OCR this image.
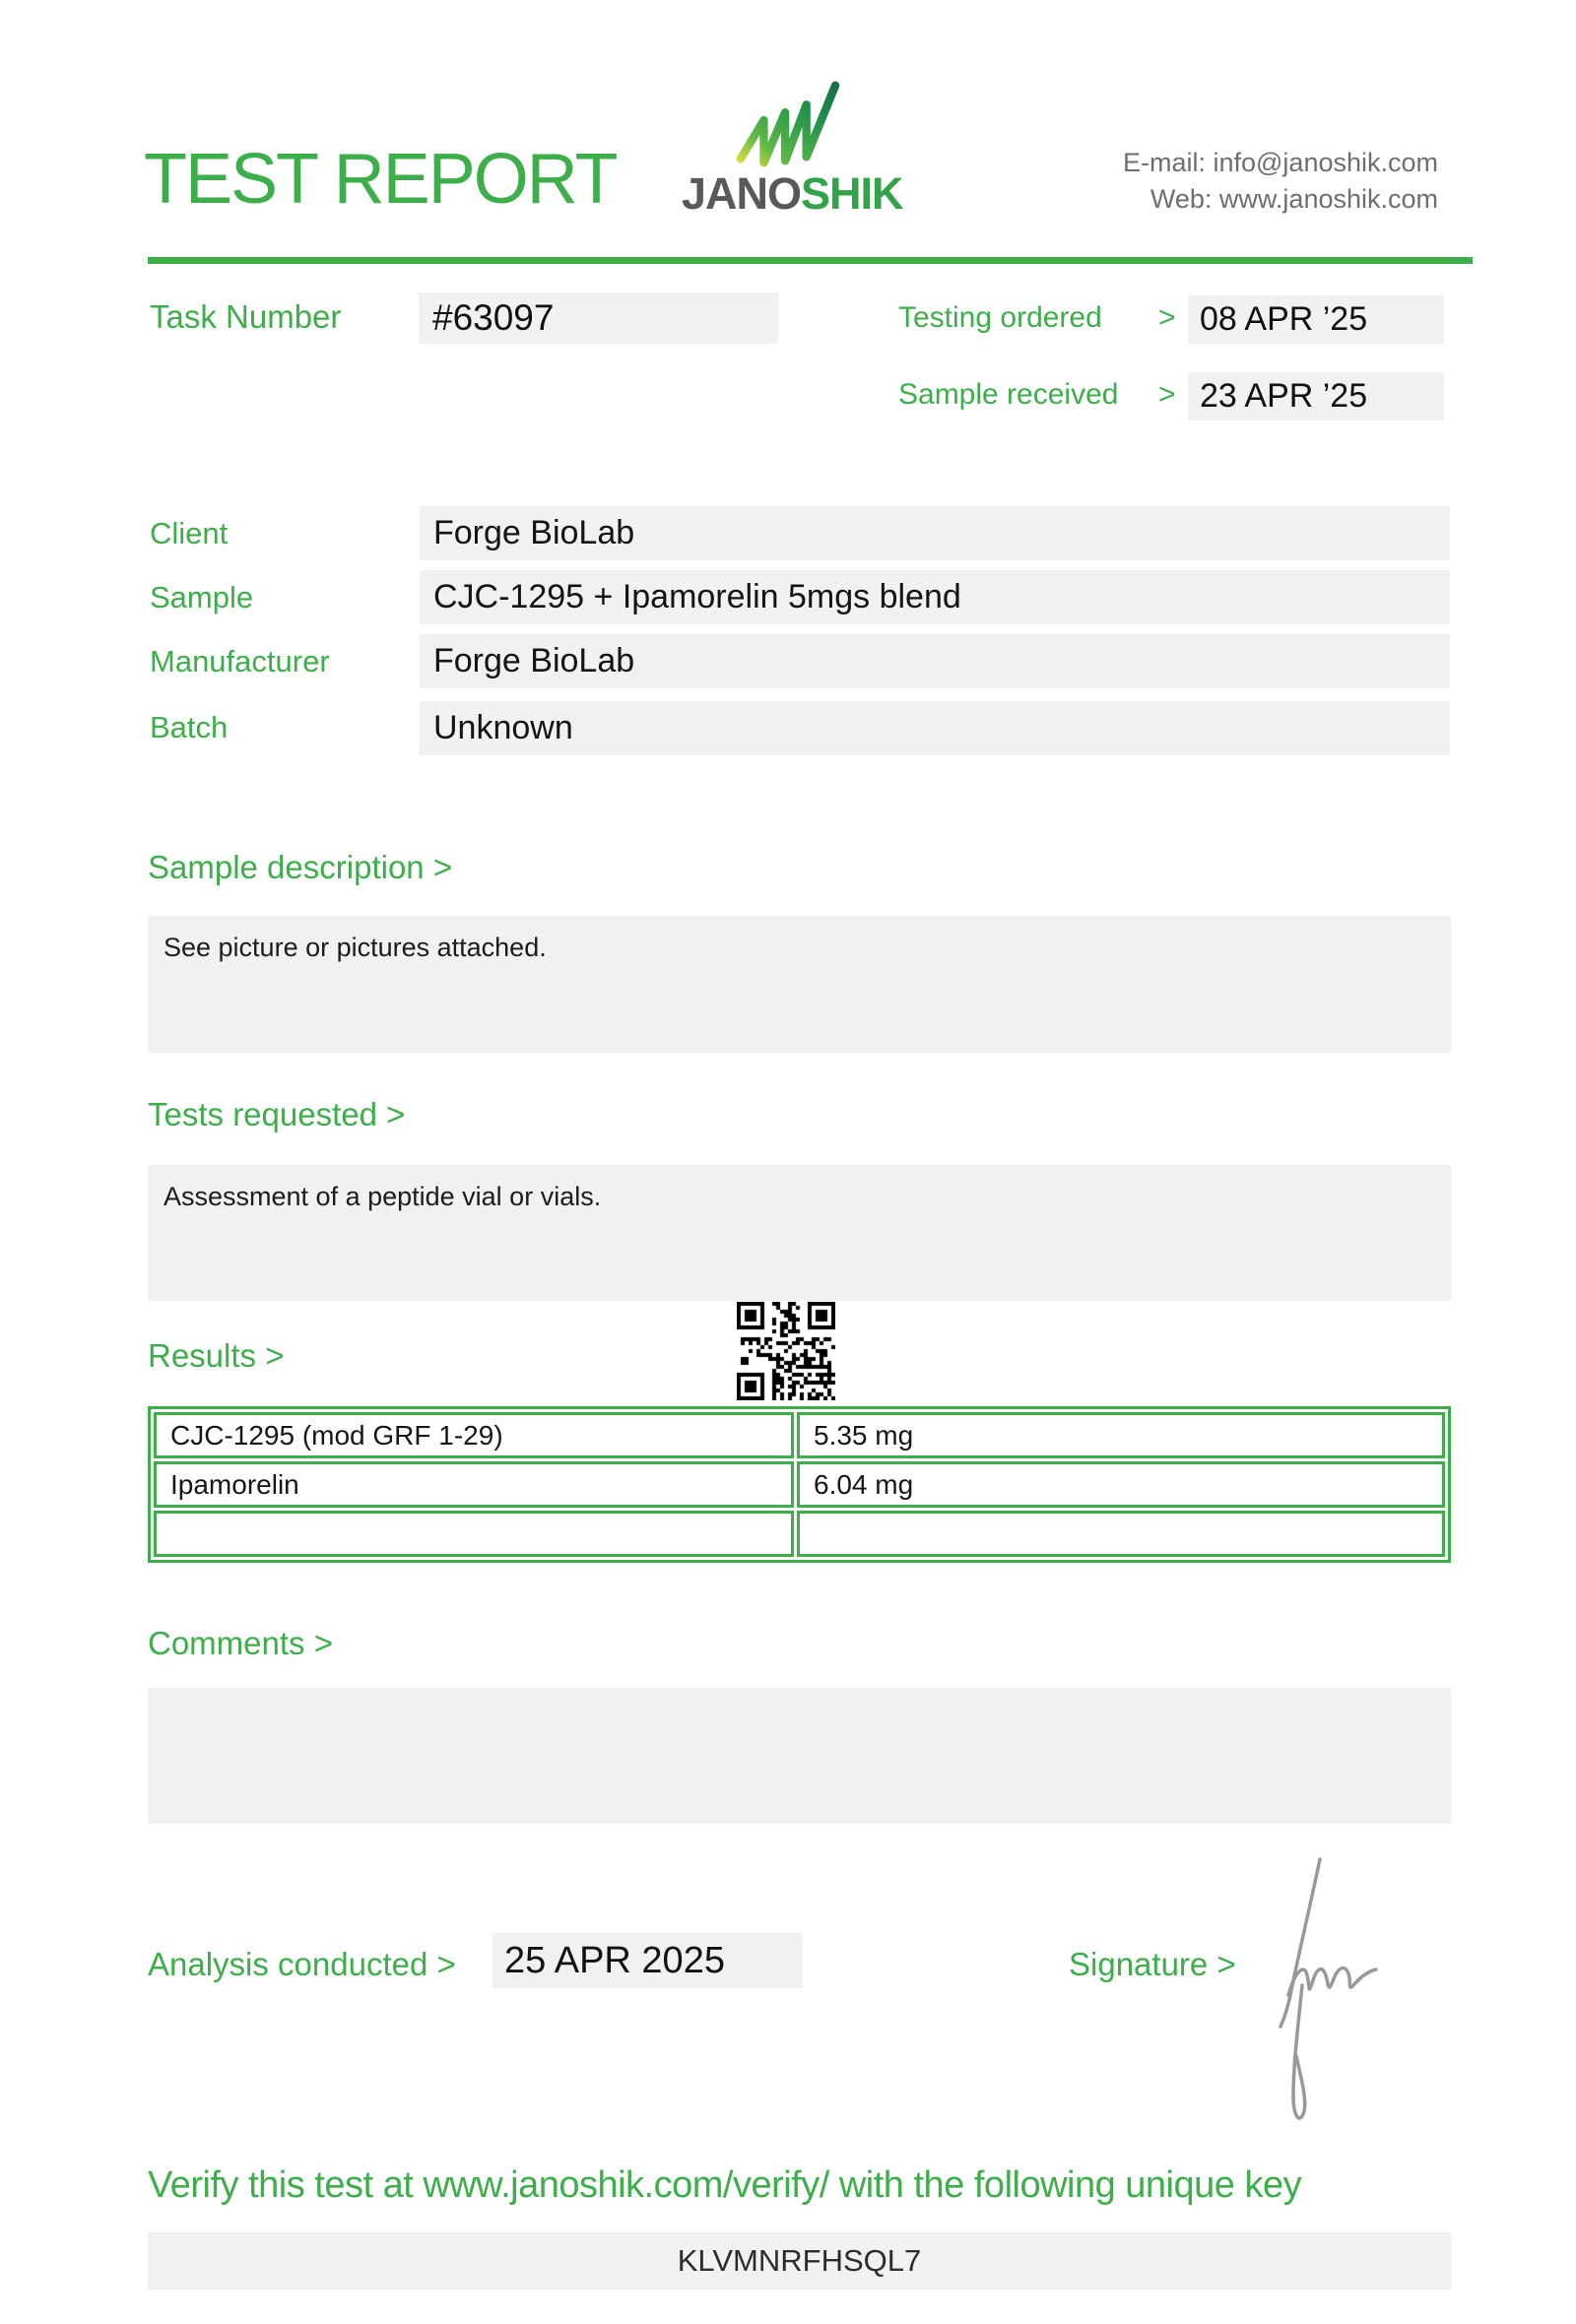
TEST REPORT JANOSHIK
E-mail: info@janoshik.com
Web: www.janoshik.com
Task Number	#63097	Testing ordered > 08 APR ’25
Sample received > 23 APR ’25
Client	Forge BioLab
Sample	CJC-1295 + Ipamorelin 5mgs blend
Manufacturer	Forge BioLab
Batch	Unknown
Sample description >
See picture or pictures attached.
Tests requested >
Assessment of a peptide vial or vials.
Results >
CJC-1295 (mod GRF 1-29)	5.35 mg
Ipamorelin	6.04 mg

Comments >
Analysis conducted >	25 APR 2025	Signature >
Verify this test at www.janoshik.com/verify/ with the following unique key
KLVMNRFHSQL7
